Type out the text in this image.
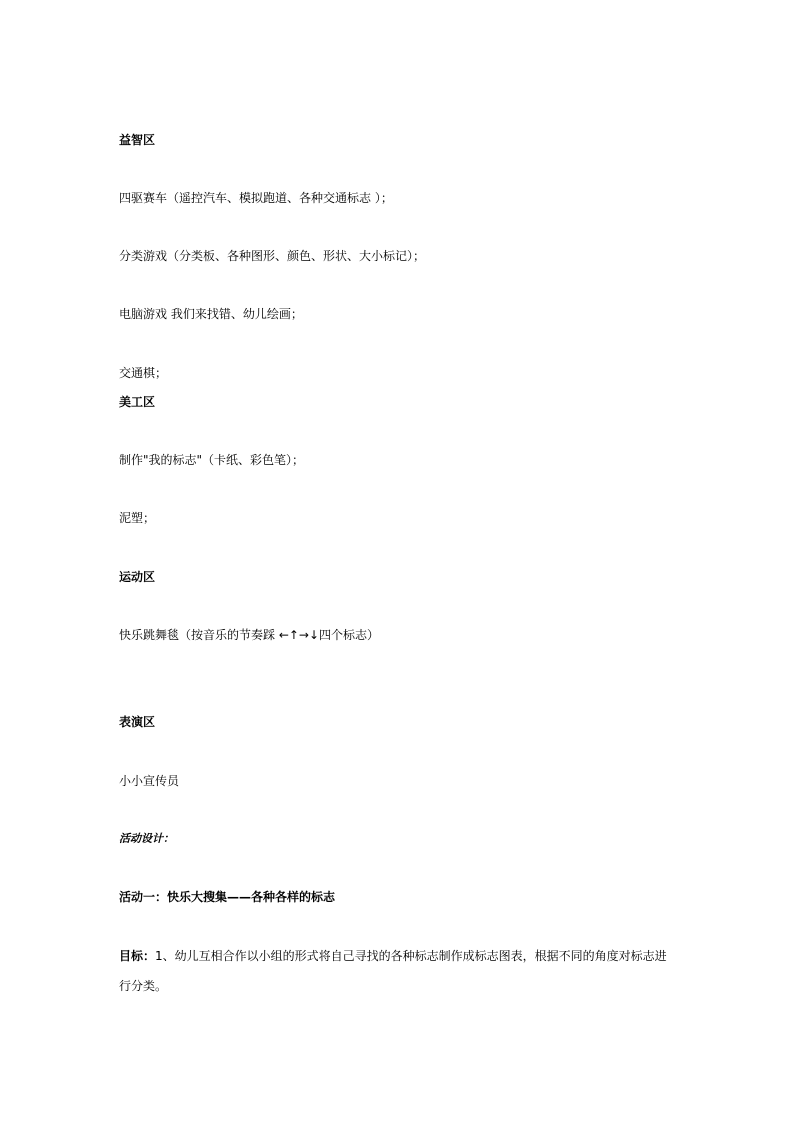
益智区
四驱赛车（遥控汽车、模拟跑道、各种交通标志 ）；
分类游戏（分类板、各种图形、颜色、形状、大小标记）；
电脑游戏 我们来找错、幼儿绘画；
交通棋；
美工区
制作"我的标志"（卡纸、彩色笔）；
泥塑；
运动区
快乐跳舞毯（按音乐的节奏踩 ←↑→↓四个标志）
表演区
小小宣传员
活动设计：
活动一：快乐大搜集——各种各样的标志
目标：1、幼儿互相合作以小组的形式将自己寻找的各种标志制作成标志图表，根据不同的角度对标志进行分类。
